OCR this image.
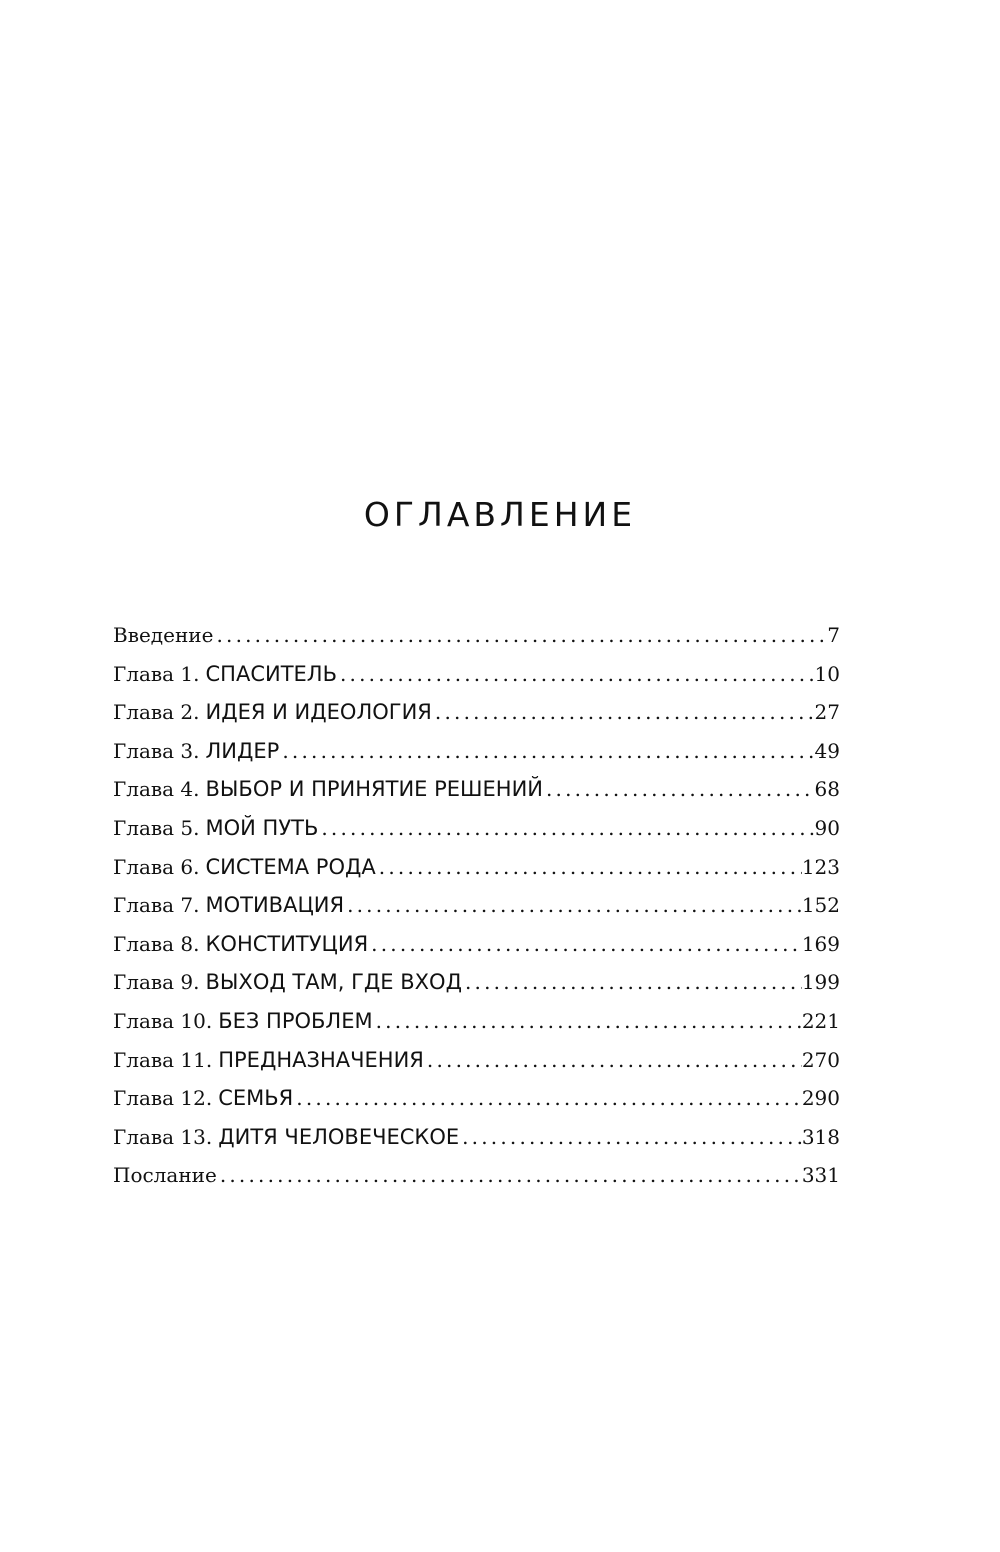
ОГЛАВЛЕНИЕ
Введение .....	7
Глава 1. СПАСИТЕЛЬ .....	10
Глава 2. ИДЕЯ И ИДЕОЛОГИЯ .....	27
Глава 3. ЛИДЕР .....	49
Глава 4. ВЫБОР И ПРИНЯТИЕ РЕШЕНИЙ .....	68
Глава 5. МОЙ ПУТЬ .....	90
Глава 6. СИСТЕМА РОДА .....	123
Глава 7. МОТИВАЦИЯ .....	152
Глава 8. КОНСТИТУЦИЯ .....	169
Глава 9. ВЫХОД ТАМ, ГДЕ ВХОД .....	199
Глава 10. БЕЗ ПРОБЛЕМ .....	221
Глава 11. ПРЕДНАЗНАЧЕНИЯ .....	270
Глава 12. СЕМЬЯ .....	290
Глава 13. ДИТЯ ЧЕЛОВЕЧЕСКОЕ .....	318
Послание .....	331
